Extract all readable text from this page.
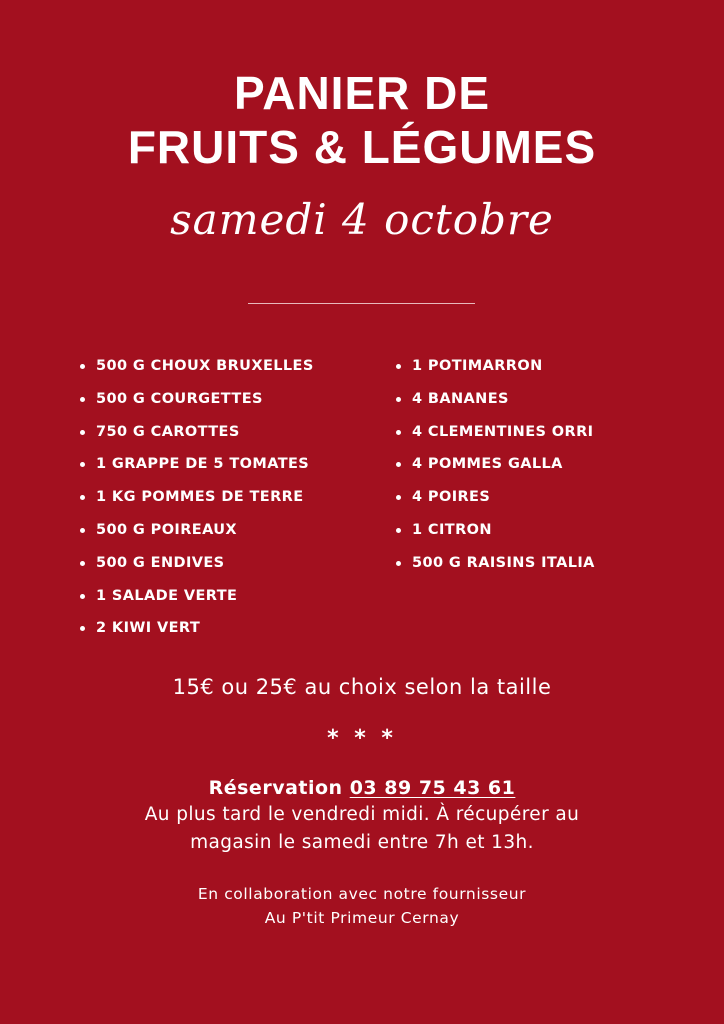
PANIER DE
FRUITS & LÉGUMES
samedi 4 octobre
500 G CHOUX BRUXELLES
500 G COURGETTES
750 G CAROTTES
1 GRAPPE DE 5 TOMATES
1 KG POMMES DE TERRE
500 G POIREAUX
500 G ENDIVES
1 SALADE VERTE
2 KIWI VERT
1 POTIMARRON
4 BANANES
4 CLEMENTINES ORRI
4 POMMES GALLA
4 POIRES
1 CITRON
500 G RAISINS ITALIA
15€ ou 25€ au choix selon la taille
* * *
Réservation 03 89 75 43 61
Au plus tard le vendredi midi. À récupérer au
magasin le samedi entre 7h et 13h.
En collaboration avec notre fournisseur
Au P'tit Primeur Cernay
